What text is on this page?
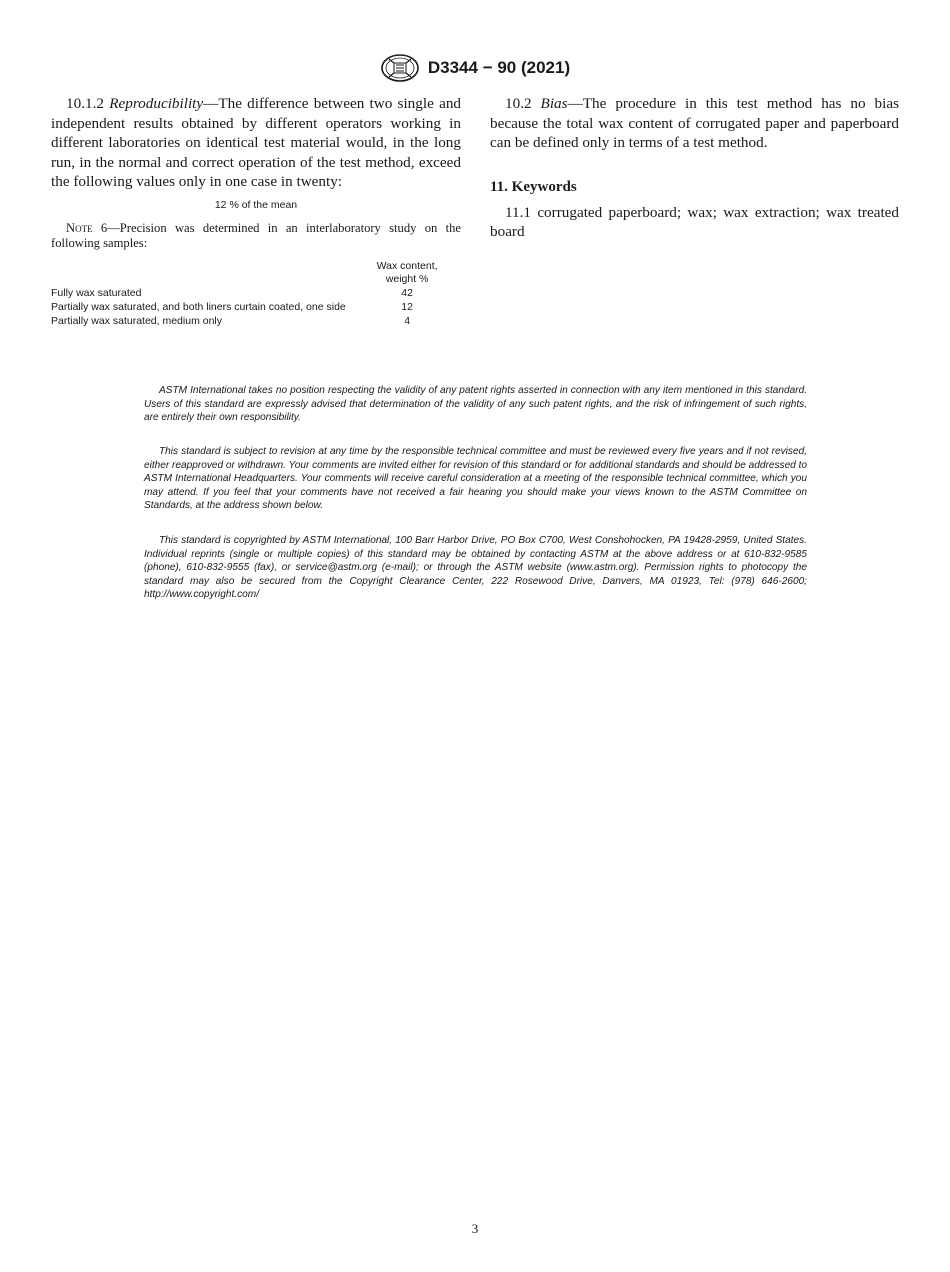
D3344 − 90 (2021)

10.1.2 Reproducibility—The difference between two single and independent results obtained by different operators working in different laboratories on identical test material would, in the long run, in the normal and correct operation of the test method, exceed the following values only in one case in twenty:

12 % of the mean

Note 6—Precision was determined in an interlaboratory study on the following samples:

	Wax content,
weight %
Fully wax saturated	42
Partially wax saturated, and both liners curtain coated, one side	12
Partially wax saturated, medium only	4

10.2 Bias—The procedure in this test method has no bias because the total wax content of corrugated paper and paperboard can be defined only in terms of a test method.

11. Keywords

11.1 corrugated paperboard; wax; wax extraction; wax treated board

ASTM International takes no position respecting the validity of any patent rights asserted in connection with any item mentioned in this standard. Users of this standard are expressly advised that determination of the validity of any such patent rights, and the risk of infringement of such rights, are entirely their own responsibility.
This standard is subject to revision at any time by the responsible technical committee and must be reviewed every five years and if not revised, either reapproved or withdrawn. Your comments are invited either for revision of this standard or for additional standards and should be addressed to ASTM International Headquarters. Your comments will receive careful consideration at a meeting of the responsible technical committee, which you may attend. If you feel that your comments have not received a fair hearing you should make your views known to the ASTM Committee on Standards, at the address shown below.
This standard is copyrighted by ASTM International, 100 Barr Harbor Drive, PO Box C700, West Conshohocken, PA 19428-2959, United States. Individual reprints (single or multiple copies) of this standard may be obtained by contacting ASTM at the above address or at 610-832-9585 (phone), 610-832-9555 (fax), or service@astm.org (e-mail); or through the ASTM website (www.astm.org). Permission rights to photocopy the standard may also be secured from the Copyright Clearance Center, 222 Rosewood Drive, Danvers, MA 01923, Tel: (978) 646-2600; http://www.copyright.com/
3
